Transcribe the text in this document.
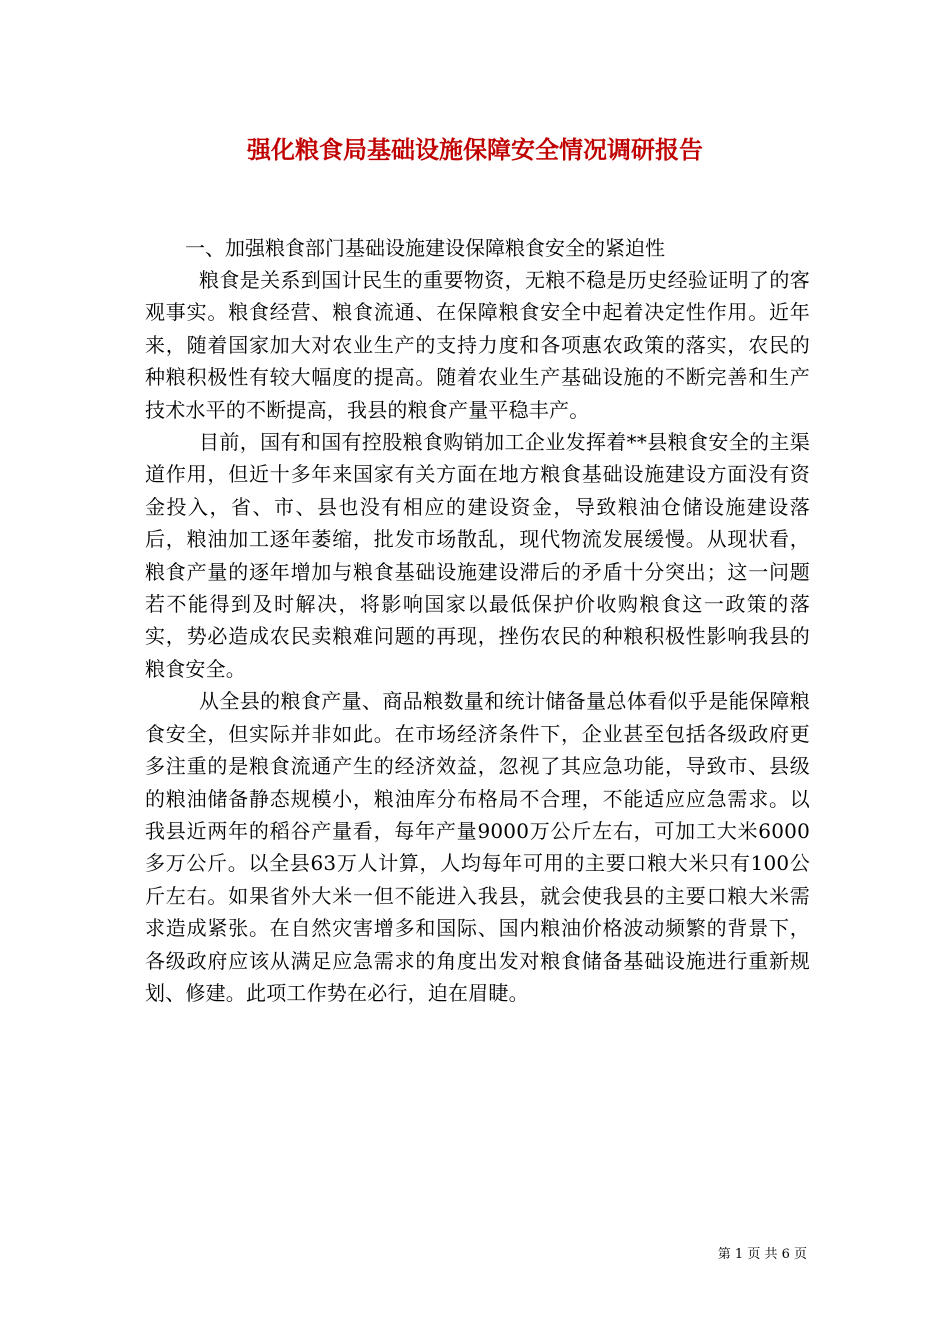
强化粮食局基础设施保障安全情况调研报告

一、加强粮食部门基础设施建设保障粮食安全的紧迫性

粮食是关系到国计民生的重要物资，无粮不稳是历史经验证明了的客观事实。粮食经营、粮食流通、在保障粮食安全中起着决定性作用。近年来，随着国家加大对农业生产的支持力度和各项惠农政策的落实，农民的种粮积极性有较大幅度的提高。随着农业生产基础设施的不断完善和生产技术水平的不断提高，我县的粮食产量平稳丰产。

目前，国有和国有控股粮食购销加工企业发挥着**县粮食安全的主渠道作用，但近十多年来国家有关方面在地方粮食基础设施建设方面没有资金投入，省、市、县也没有相应的建设资金，导致粮油仓储设施建设落后，粮油加工逐年萎缩，批发市场散乱，现代物流发展缓慢。从现状看，粮食产量的逐年增加与粮食基础设施建设滞后的矛盾十分突出；这一问题若不能得到及时解决，将影响国家以最低保护价收购粮食这一政策的落实，势必造成农民卖粮难问题的再现，挫伤农民的种粮积极性影响我县的粮食安全。

从全县的粮食产量、商品粮数量和统计储备量总体看似乎是能保障粮食安全，但实际并非如此。在市场经济条件下，企业甚至包括各级政府更多注重的是粮食流通产生的经济效益，忽视了其应急功能，导致市、县级的粮油储备静态规模小，粮油库分布格局不合理，不能适应应急需求。以我县近两年的稻谷产量看，每年产量9000万公斤左右，可加工大米6000多万公斤。以全县63万人计算，人均每年可用的主要口粮大米只有100公斤左右。如果省外大米一但不能进入我县，就会使我县的主要口粮大米需求造成紧张。在自然灾害增多和国际、国内粮油价格波动频繁的背景下，各级政府应该从满足应急需求的角度出发对粮食储备基础设施进行重新规划、修建。此项工作势在必行，迫在眉睫。

第 1 页 共 6 页
